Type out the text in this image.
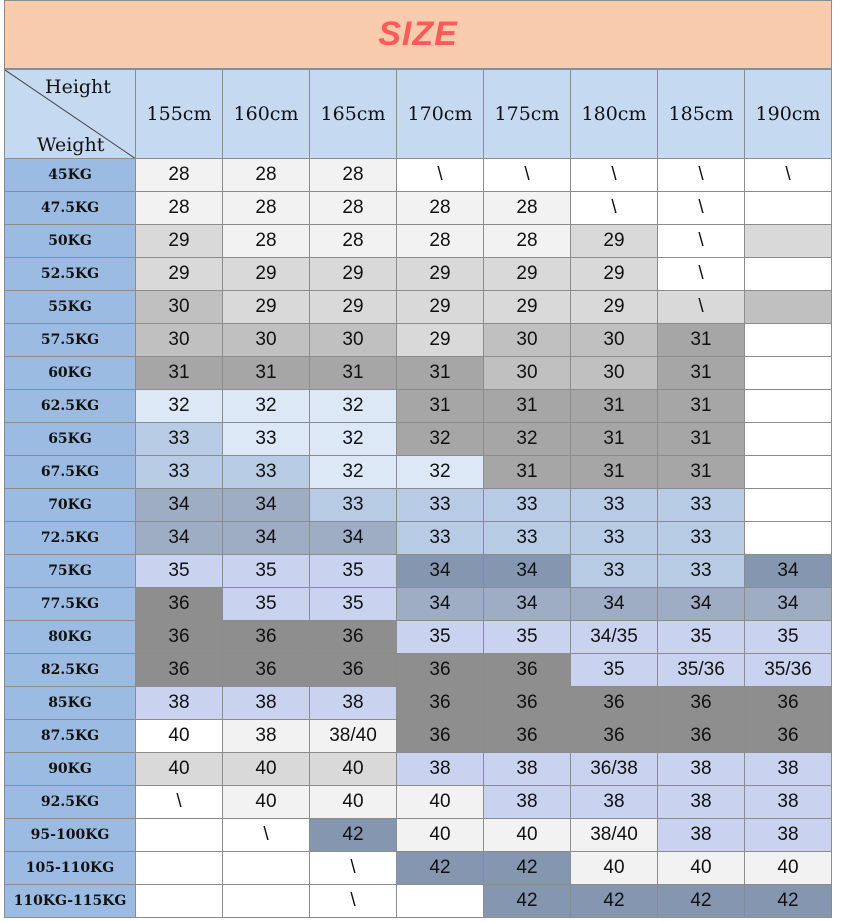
SIZE
Height
Weight	155cm	160cm	165cm	170cm	175cm	180cm	185cm	190cm
45KG	28	28	28	\	\	\	\	\
47.5KG	28	28	28	28	28	\	\	
50KG	29	28	28	28	28	29	\	
52.5KG	29	29	29	29	29	29	\	
55KG	30	29	29	29	29	29	\	
57.5KG	30	30	30	29	30	30	31	
60KG	31	31	31	31	30	30	31	
62.5KG	32	32	32	31	31	31	31	
65KG	33	33	32	32	32	31	31	
67.5KG	33	33	32	32	31	31	31	
70KG	34	34	33	33	33	33	33	
72.5KG	34	34	34	33	33	33	33	
75KG	35	35	35	34	34	33	33	34
77.5KG	36	35	35	34	34	34	34	34
80KG	36	36	36	35	35	34/35	35	35
82.5KG	36	36	36	36	36	35	35/36	35/36
85KG	38	38	38	36	36	36	36	36
87.5KG	40	38	38/40	36	36	36	36	36
90KG	40	40	40	38	38	36/38	38	38
92.5KG	\	40	40	40	38	38	38	38
95-100KG		\	42	40	40	38/40	38	38
105-110KG			\	42	42	40	40	40
110KG-115KG			\		42	42	42	42
